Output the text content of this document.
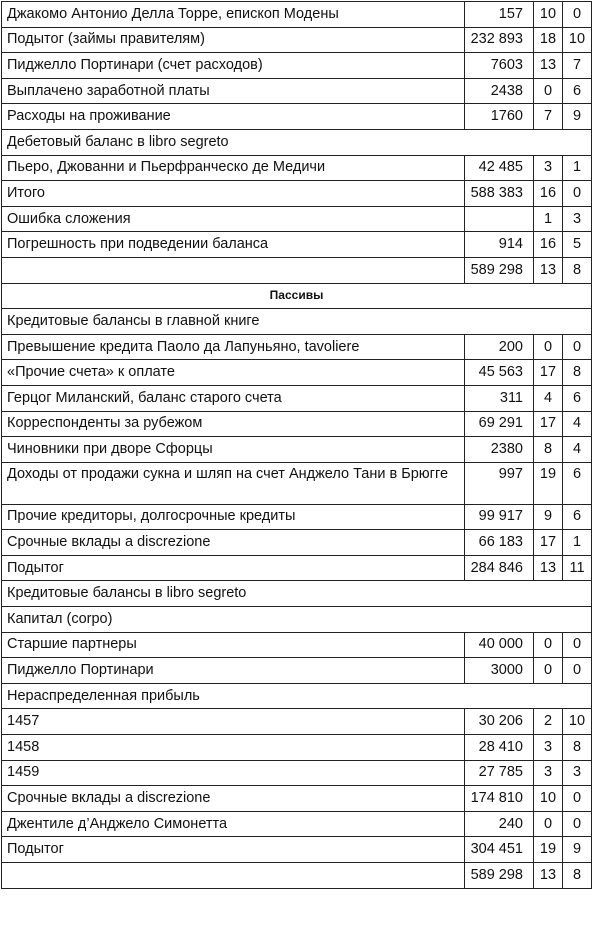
Джакомо Антонио Делла Торре, епископ Модены	157	10	0
Подытог (займы правителям)	232 893	18	10
Пиджелло Портинари (счет расходов)	7603	13	7
Выплачено заработной платы	2438	0	6
Расходы на проживание	1760	7	9
Дебетовый баланс в libro segreto			
Пьеро, Джованни и Пьерфранческо де Медичи	42 485	3	1
Итого	588 383	16	0
Ошибка сложения		1	3
Погрешность при подведении баланса	914	16	5
	589 298	13	8
Пассивы			
Кредитовые балансы в главной книге			
Превышение кредита Паоло да Лапуньяно, tavoliere	200	0	0
«Прочие счета» к оплате	45 563	17	8
Герцог Миланский, баланс старого счета	311	4	6
Корреспонденты за рубежом	69 291	17	4
Чиновники при дворе Сфорцы	2380	8	4
Доходы от продажи сукна и шляп на счет Анджело Тани в Брюгге	997	19	6
Прочие кредиторы, долгосрочные кредиты	99 917	9	6
Срочные вклады a discrezione	66 183	17	1
Подытог	284 846	13	11
Кредитовые балансы в libro segreto			
Капитал (corpo)			
Старшие партнеры	40 000	0	0
Пиджелло Портинари	3000	0	0
Нераспределенная прибыль			
1457	30 206	2	10
1458	28 410	3	8
1459	27 785	3	3
Срочные вклады a discrezione	174 810	10	0
Джентиле д’Анджело Симонетта	240	0	0
Подытог	304 451	19	9
	589 298	13	8
